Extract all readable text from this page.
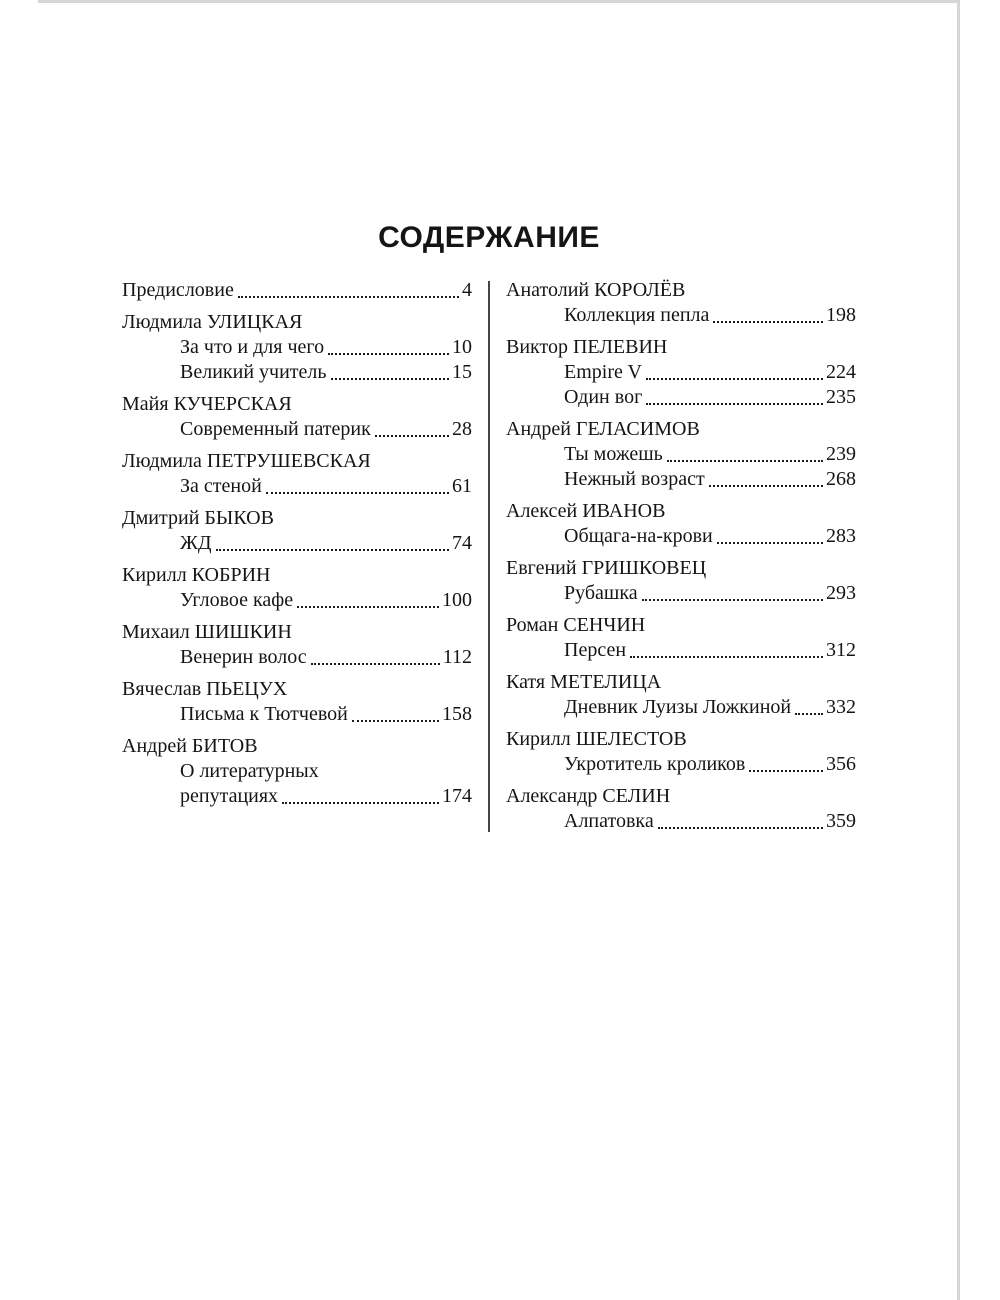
СОДЕРЖАНИЕ
Предисловие	4
Людмила УЛИЦКАЯ
За что и для чего	10
Великий учитель	15
Майя КУЧЕРСКАЯ
Современный патерик	28
Людмила ПЕТРУШЕВСКАЯ
За стеной	61
Дмитрий БЫКОВ
ЖД	74
Кирилл КОБРИН
Угловое кафе	100
Михаил ШИШКИН
Венерин волос	112
Вячеслав ПЬЕЦУХ
Письма к Тютчевой	158
Андрей БИТОВ
О литературных
репутациях	174
Анатолий КОРОЛЁВ
Коллекция пепла	198
Виктор ПЕЛЕВИН
Empire V	224
Один вог	235
Андрей ГЕЛАСИМОВ
Ты можешь	239
Нежный возраст	268
Алексей ИВАНОВ
Общага-на-крови	283
Евгений ГРИШКОВЕЦ
Рубашка	293
Роман СЕНЧИН
Персен	312
Катя МЕТЕЛИЦА
Дневник Луизы Ложкиной 332
Кирилл ШЕЛЕСТОВ
Укротитель кроликов	356
Александр СЕЛИН
Алпатовка	359
